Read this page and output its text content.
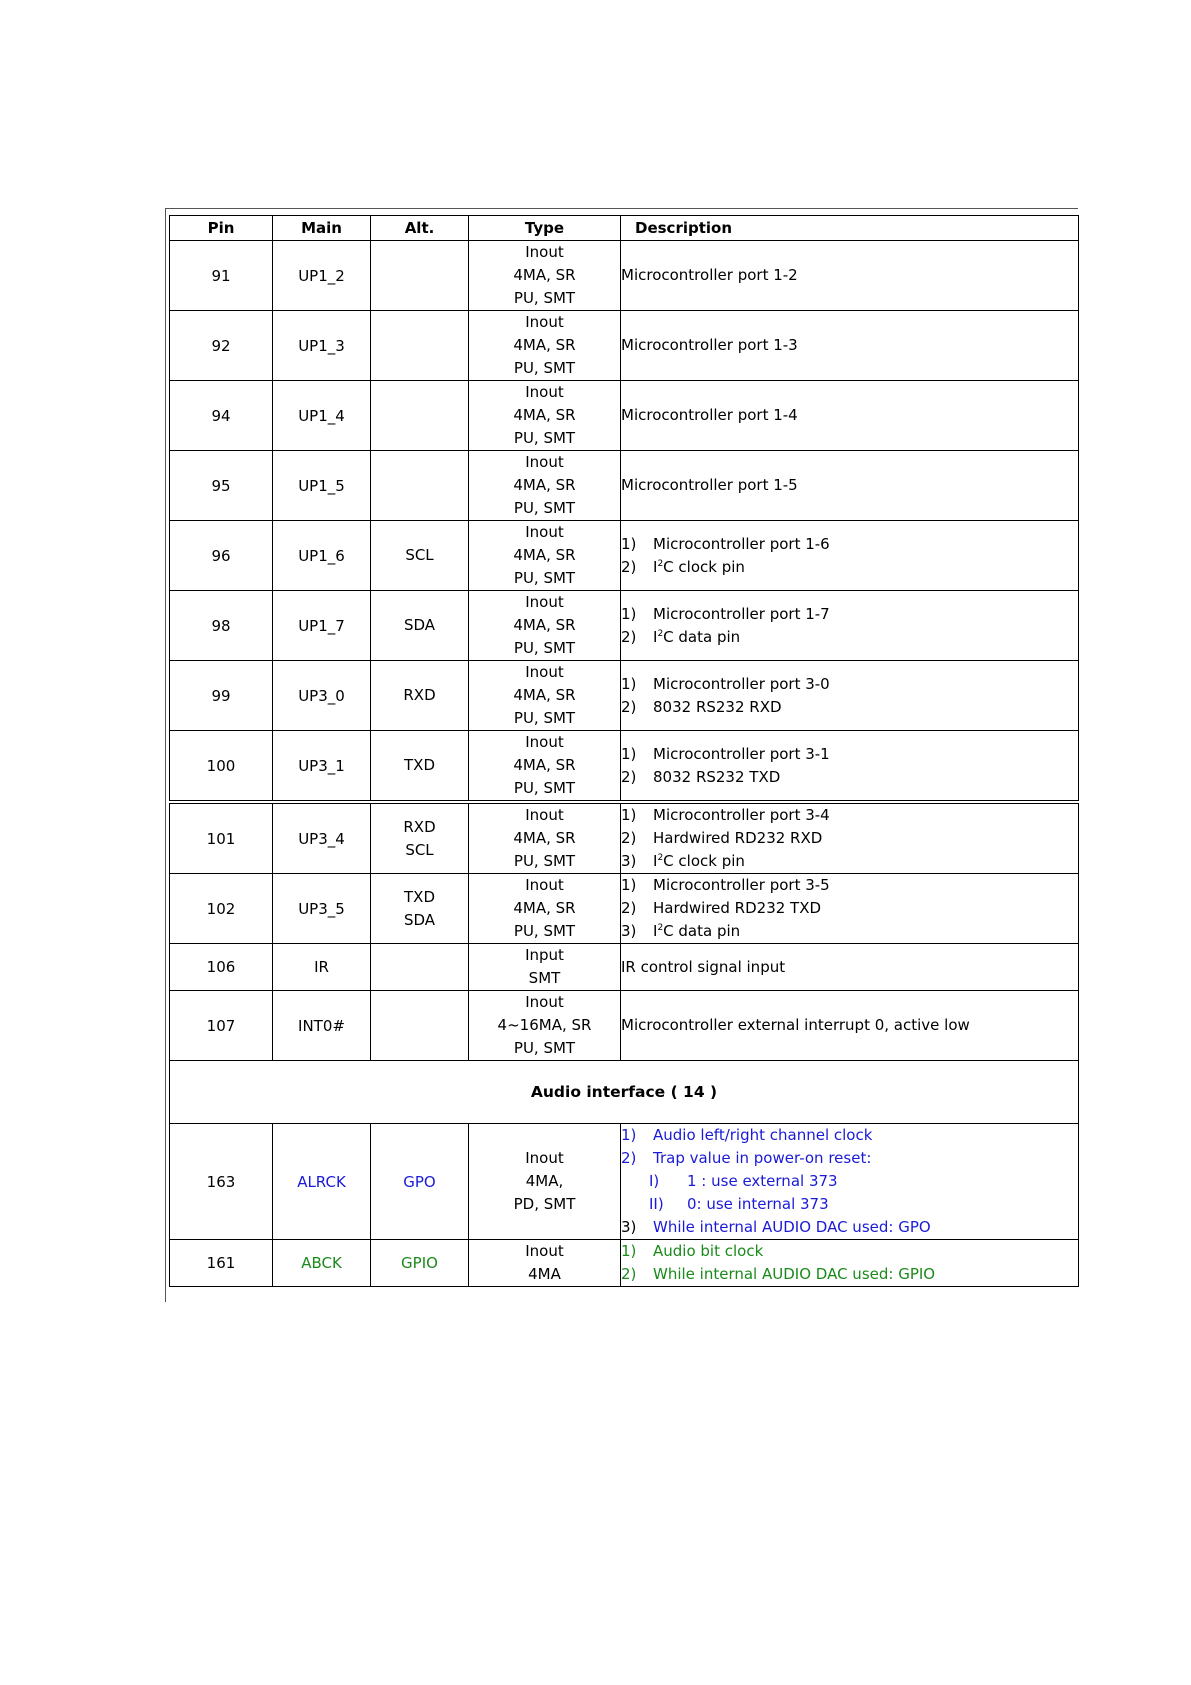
Pin	Main	Alt.	Type	Description
91	UP1_2		Inout
4MA, SR
PU, SMT	Microcontroller port 1-2

92	UP1_3		Inout
4MA, SR
PU, SMT	Microcontroller port 1-3

94	UP1_4		Inout
4MA, SR
PU, SMT	Microcontroller port 1-4

95	UP1_5		Inout
4MA, SR
PU, SMT	Microcontroller port 1-5

96	UP1_6	SCL	Inout
4MA, SR
PU, SMT	1) Microcontroller port 1-6
2) $I^2C$ clock pin

98	UP1_7	SDA	Inout
4MA, SR
PU, SMT	1) Microcontroller port 1-7
2) $I^2C$ data pin

99	UP3_0	RXD	Inout
4MA, SR
PU, SMT	1) Microcontroller port 3-0
2) 8032 RS232 RXD

100	UP3_1	TXD	Inout
4MA, SR
PU, SMT	1) Microcontroller port 3-1
2) 8032 RS232 TXD

101	UP3_4	RXD
SCL	Inout
4MA, SR
PU, SMT	1) Microcontroller port 3-4
2) Hardwired RD232 RXD
3) $I^2C$ clock pin

102	UP3_5	TXD
SDA	Inout
4MA, SR
PU, SMT	1) Microcontroller port 3-5
2) Hardwired RD232 TXD
3) $I^2C$ data pin

106	IR		Input
SMT	IR control signal input

107	INT0#		Inout
4~16MA, SR
PU, SMT	Microcontroller external interrupt 0, active low

Audio interface ( 14 )				
163	ALRCK	GPO	Inout
4MA,
PD, SMT	1) Audio left/right channel clock
2) Trap value in power-on reset:
I) 1 : use external 373
II) 0: use internal 373
3) While internal AUDIO DAC used: GPO

161	ABCK	GPIO	Inout
4MA	1) Audio bit clock
2) While internal AUDIO DAC used: GPIO
